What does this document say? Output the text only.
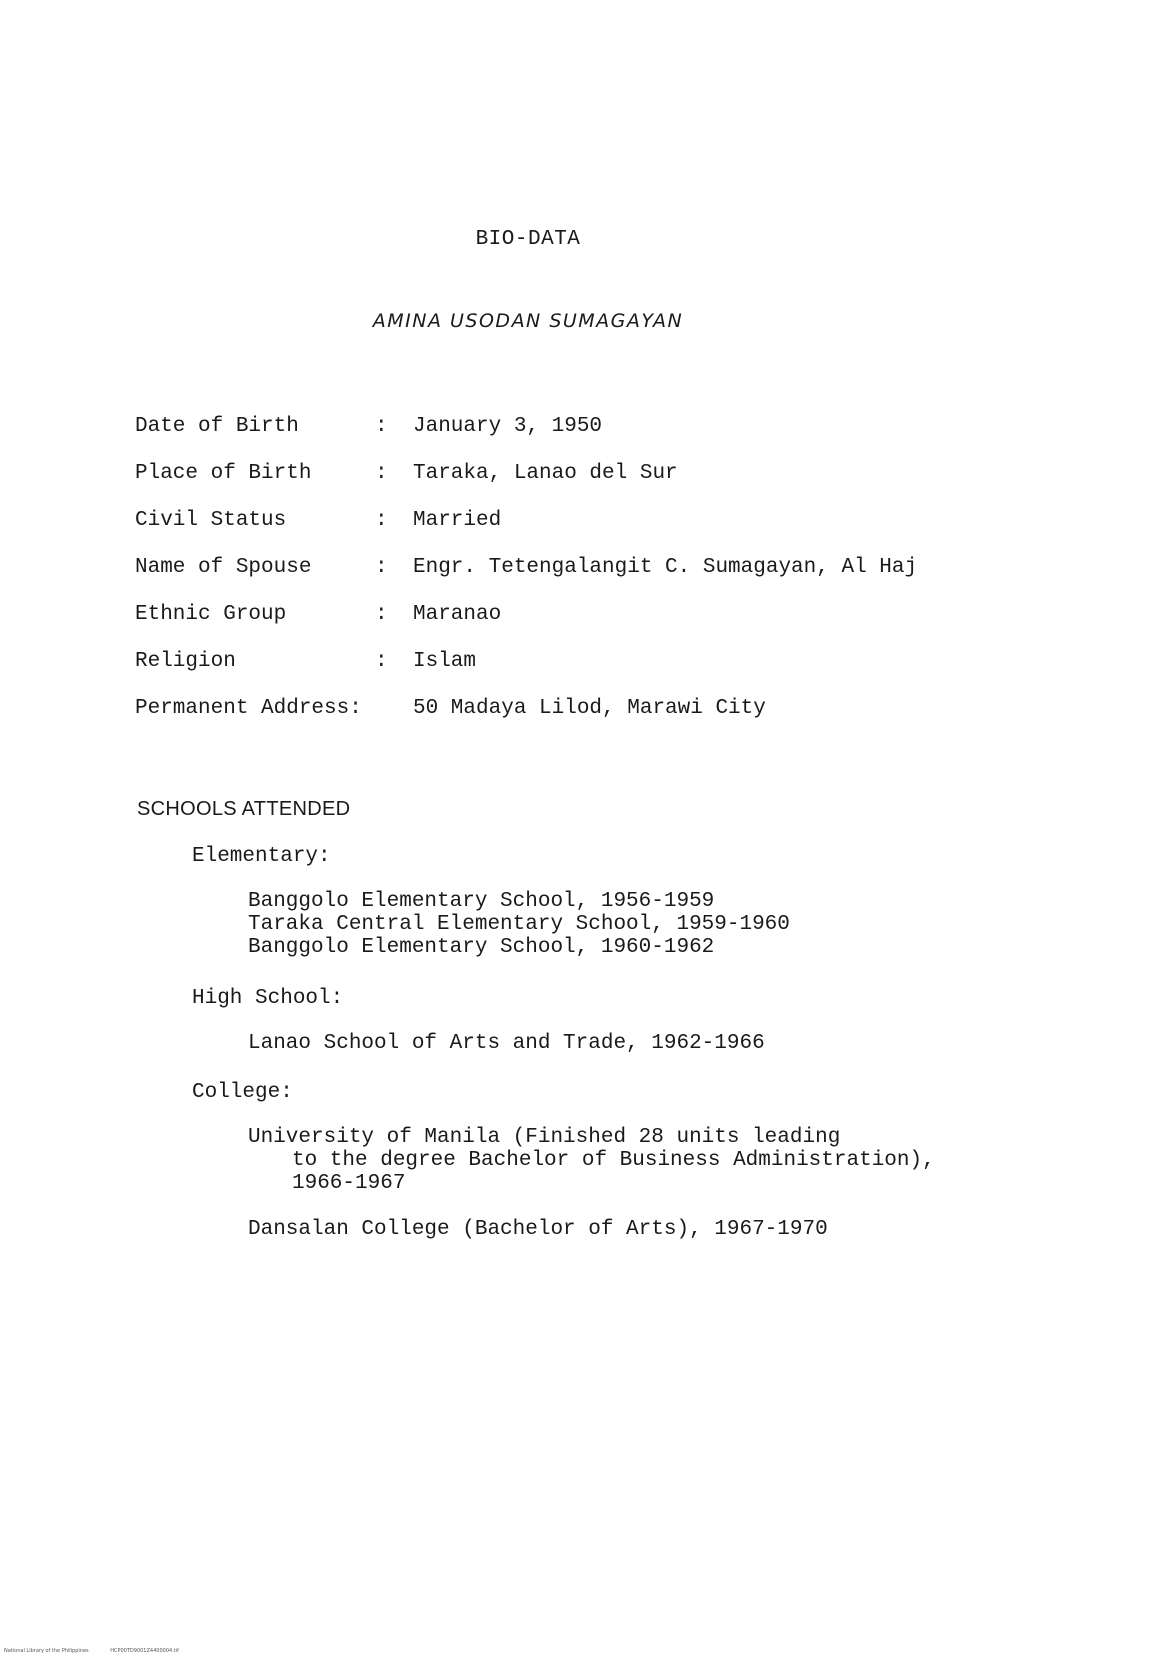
BIO-DATA
AMINA USODAN SUMAGAYAN
Date of Birth	:	January 3, 1950
Place of Birth	:	Taraka, Lanao del Sur
Civil Status	:	Married
Name of Spouse	:	Engr. Tetengalangit C. Sumagayan, Al Haj
Ethnic Group	:	Maranao
Religion	:	Islam
Permanent Address:	50 Madaya Lilod, Marawi City
SCHOOLS ATTENDED
Elementary:
Banggolo Elementary School, 1956-1959
Taraka Central Elementary School, 1959-1960
Banggolo Elementary School, 1960-1962
High School:
Lanao School of Arts and Trade, 1962-1966
College:
University of Manila (Finished 28 units leading
to the degree Bachelor of Business Administration),
1966-1967
Dansalan College (Bachelor of Arts), 1967-1970
National Library of the Philippines	HCP00TD9001Z4400004.tif
